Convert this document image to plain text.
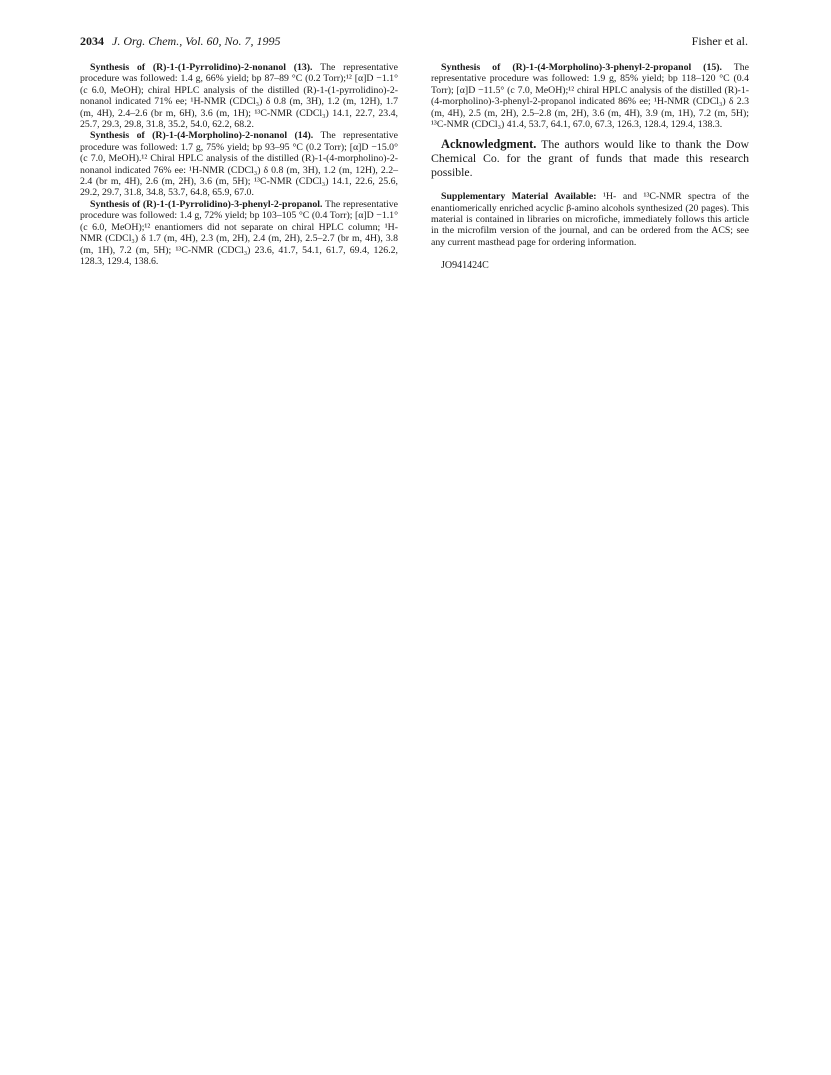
2034 J. Org. Chem., Vol. 60, No. 7, 1995	Fisher et al.

Synthesis of (R)-1-(1-Pyrrolidino)-2-nonanol (13). The representative procedure was followed: 1.4 g, 66% yield; bp 87–89 °C (0.2 Torr);¹² [α]D −1.1° (c 6.0, MeOH); chiral HPLC analysis of the distilled (R)-1-(1-pyrrolidino)-2-nonanol indicated 71% ee; ¹H-NMR (CDCl₃) δ 0.8 (m, 3H), 1.2 (m, 12H), 1.7 (m, 4H), 2.4–2.6 (br m, 6H), 3.6 (m, 1H); ¹³C-NMR (CDCl₃) 14.1, 22.7, 23.4, 25.7, 29.3, 29.8, 31.8, 35.2, 54.0, 62.2, 68.2.

Synthesis of (R)-1-(4-Morpholino)-2-nonanol (14). The representative procedure was followed: 1.7 g, 75% yield; bp 93–95 °C (0.2 Torr); [α]D −15.0° (c 7.0, MeOH).¹² Chiral HPLC analysis of the distilled (R)-1-(4-morpholino)-2-nonanol indicated 76% ee: ¹H-NMR (CDCl₃) δ 0.8 (m, 3H), 1.2 (m, 12H), 2.2–2.4 (br m, 4H), 2.6 (m, 2H), 3.6 (m, 5H); ¹³C-NMR (CDCl₃) 14.1, 22.6, 25.6, 29.2, 29.7, 31.8, 34.8, 53.7, 64.8, 65.9, 67.0.

Synthesis of (R)-1-(1-Pyrrolidino)-3-phenyl-2-propanol. The representative procedure was followed: 1.4 g, 72% yield; bp 103–105 °C (0.4 Torr); [α]D −1.1° (c 6.0, MeOH);¹² enantiomers did not separate on chiral HPLC column; ¹H-NMR (CDCl₃) δ 1.7 (m, 4H), 2.3 (m, 2H), 2.4 (m, 2H), 2.5–2.7 (br m, 4H), 3.8 (m, 1H), 7.2 (m, 5H); ¹³C-NMR (CDCl₃) 23.6, 41.7, 54.1, 61.7, 69.4, 126.2, 128.3, 129.4, 138.6.

Synthesis of (R)-1-(4-Morpholino)-3-phenyl-2-propanol (15). The representative procedure was followed: 1.9 g, 85% yield; bp 118–120 °C (0.4 Torr); [α]D −11.5° (c 7.0, MeOH);¹² chiral HPLC analysis of the distilled (R)-1-(4-morpholino)-3-phenyl-2-propanol indicated 86% ee; ¹H-NMR (CDCl₃) δ 2.3 (m, 4H), 2.5 (m, 2H), 2.5–2.8 (m, 2H), 3.6 (m, 4H), 3.9 (m, 1H), 7.2 (m, 5H); ¹³C-NMR (CDCl₃) 41.4, 53.7, 64.1, 67.0, 67.3, 126.3, 128.4, 129.4, 138.3.

Acknowledgment. The authors would like to thank the Dow Chemical Co. for the grant of funds that made this research possible.

Supplementary Material Available: ¹H- and ¹³C-NMR spectra of the enantiomerically enriched acyclic β-amino alcohols synthesized (20 pages). This material is contained in libraries on microfiche, immediately follows this article in the microfilm version of the journal, and can be ordered from the ACS; see any current masthead page for ordering information.

JO941424C
